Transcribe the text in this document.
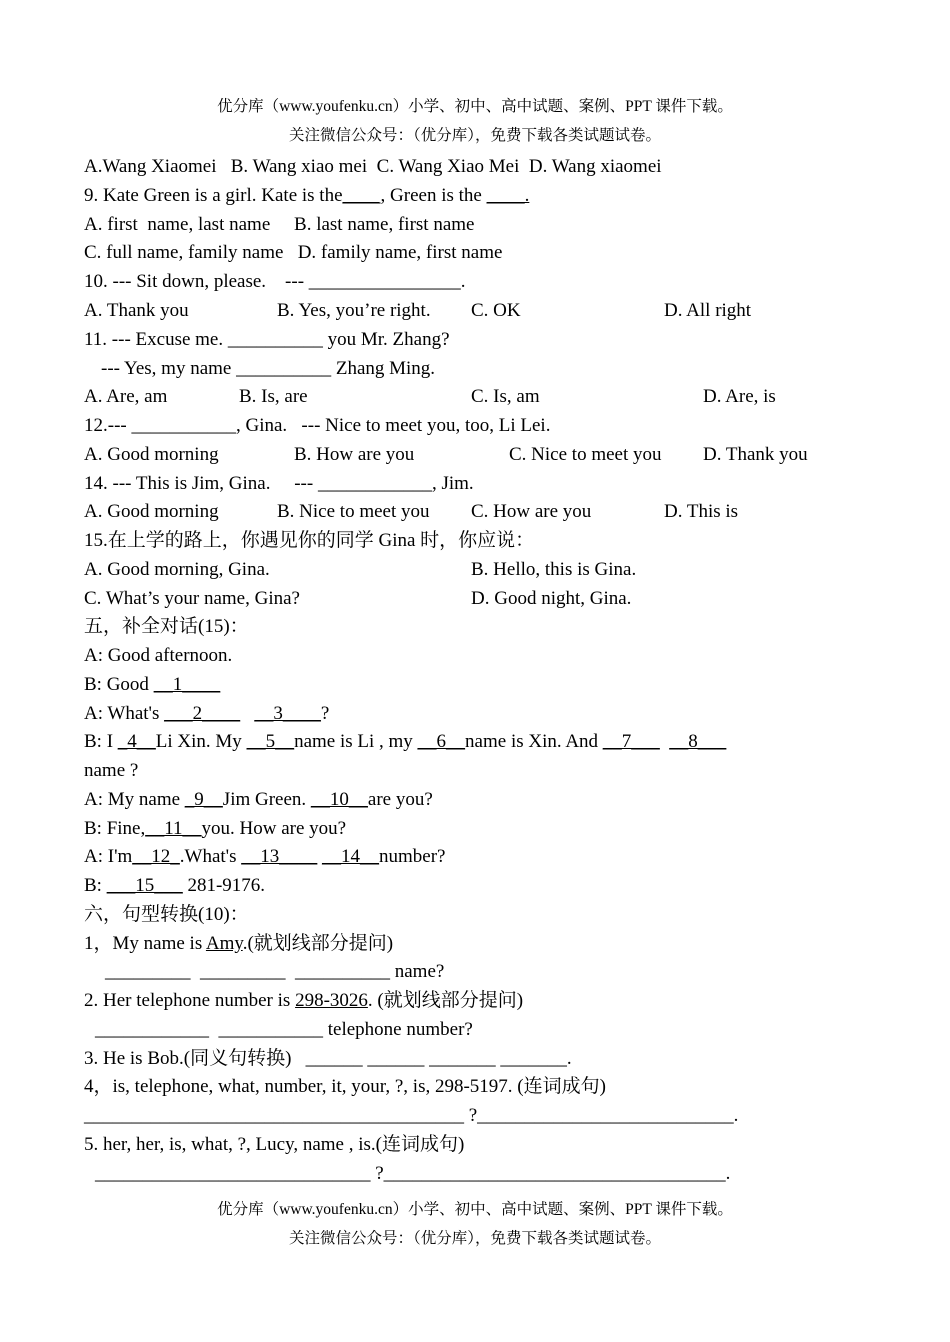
优分库（www.youfenku.cn）小学、初中、高中试题、案例、PPT 课件下载。
关注微信公众号：（优分库），免费下载各类试题试卷。
A.Wang Xiaomei B. Wang xiao mei C. Wang Xiao Mei D. Wang xiaomei
9. Kate Green is a girl. Kate is the____, Green is the ____.
A. first  name, last name B. last name, first name
C. full name, family name D. family name, first name
10. --- Sit down, please.    --- ________________.
A. Thank you	B. Yes, you’re right. C. OK	D. All right
11. --- Excuse me. __________ you Mr. Zhang?
--- Yes, my name __________ Zhang Ming.
A. Are, am	B. Is, are	C. Is, am	D. Are, is
12.--- ___________, Gina.   --- Nice to meet you, too, Li Lei.
A. Good morning	B. How are you	C. Nice to meet you D. Thank you
14. --- This is Jim, Gina.     --- ____________, Jim.
A. Good morning	B. Nice to meet you C. How are you	D. This is
15.在上学的路上，你遇见你的同学 Gina 时，你应说：
A. Good morning, Gina.	B. Hello, this is Gina.
C. What’s your name, Gina?	D. Good night, Gina.
五，补全对话(15)：
A: Good afternoon.
B: Good __1____
A: What's ___2____ __3____?
B: I _4__Li Xin. My __5__name is Li , my __6__name is Xin. And __7___ __8___
name ?
A: My name _9__Jim Green. __10__are you?
B: Fine,__11__you. How are you?
A: I'm__12_.What's __13____ __14__number?
B: ___15___ 281-9176.
六，句型转换(10)：
1，My name is Amy.(就划线部分提问)
_________  _________  __________ name?
2. Her telephone number is 298-3026. (就划线部分提问)
____________  ___________ telephone number?
3. He is Bob.(同义句转换)   ______ ______ _______ _______.
4，is, telephone, what, number, it, your, ?, is, 298-5197. (连词成句)
________________________________________ ?___________________________.
5. her, her, is, what, ?, Lucy, name , is.(连词成句)
_____________________________ ?____________________________________.
优分库（www.youfenku.cn）小学、初中、高中试题、案例、PPT 课件下载。
关注微信公众号：（优分库），免费下载各类试题试卷。
